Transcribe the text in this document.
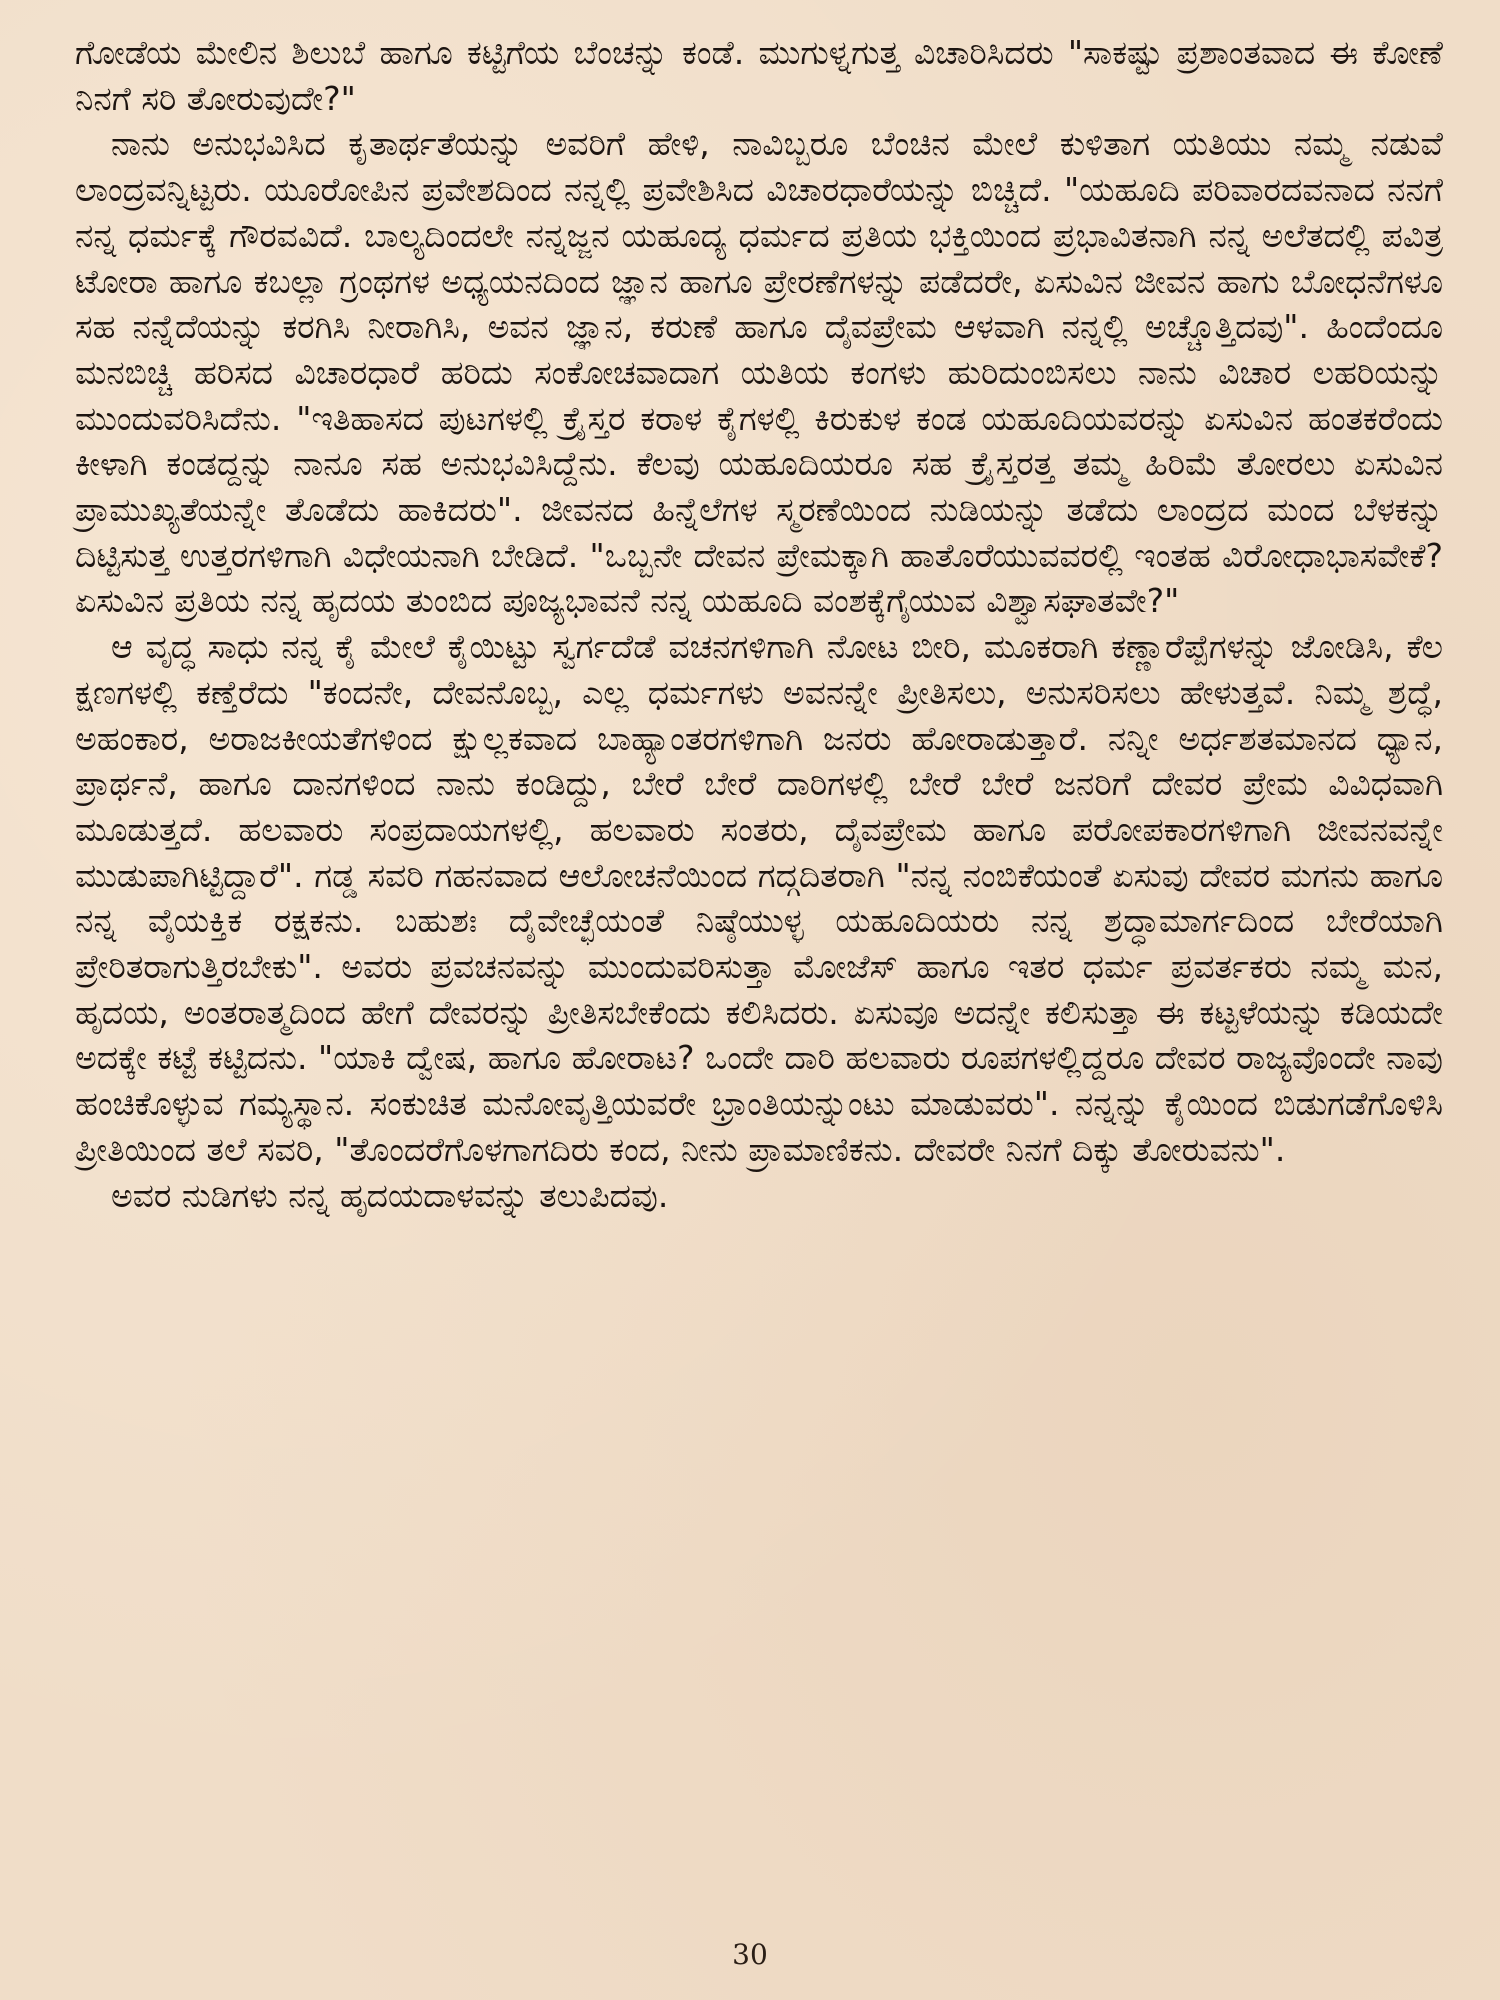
ಗೋಡೆಯ ಮೇಲಿನ ಶಿಲುಬೆ ಹಾಗೂ ಕಟ್ಟಿಗೆಯ ಬೆಂಚನ್ನು ಕಂಡೆ. ಮುಗುಳ್ನಗುತ್ತ ವಿಚಾರಿಸಿದರು "ಸಾಕಷ್ಟು ಪ್ರಶಾಂತವಾದ ಈ ಕೋಣೆ ನಿನಗೆ ಸರಿ ತೋರುವುದೇ?"

ನಾನು ಅನುಭವಿಸಿದ ಕೃತಾರ್ಥತೆಯನ್ನು ಅವರಿಗೆ ಹೇಳಿ, ನಾವಿಬ್ಬರೂ ಬೆಂಚಿನ ಮೇಲೆ ಕುಳಿತಾಗ ಯತಿಯು ನಮ್ಮ ನಡುವೆ ಲಾಂದ್ರವನ್ನಿಟ್ಟರು. ಯೂರೋಪಿನ ಪ್ರವೇಶದಿಂದ ನನ್ನಲ್ಲಿ ಪ್ರವೇಶಿಸಿದ ವಿಚಾರಧಾರೆಯನ್ನು ಬಿಚ್ಚಿದೆ. "ಯಹೂದಿ ಪರಿವಾರದವನಾದ ನನಗೆ ನನ್ನ ಧರ್ಮಕ್ಕೆ ಗೌರವವಿದೆ. ಬಾಲ್ಯದಿಂದಲೇ ನನ್ನಜ್ಜನ ಯಹೂದ್ಯ ಧರ್ಮದ ಪ್ರತಿಯ ಭಕ್ತಿಯಿಂದ ಪ್ರಭಾವಿತನಾಗಿ ನನ್ನ ಅಲೆತದಲ್ಲಿ ಪವಿತ್ರ ಟೋರಾ ಹಾಗೂ ಕಬಲ್ಲಾ ಗ್ರಂಥಗಳ ಅಧ್ಯಯನದಿಂದ ಜ್ಞಾನ ಹಾಗೂ ಪ್ರೇರಣೆಗಳನ್ನು ಪಡೆದರೇ, ಏಸುವಿನ ಜೀವನ ಹಾಗು ಬೋಧನೆಗಳೂ ಸಹ ನನ್ನೆದೆಯನ್ನು ಕರಗಿಸಿ ನೀರಾಗಿಸಿ, ಅವನ ಜ್ಞಾನ, ಕರುಣೆ ಹಾಗೂ ದೈವಪ್ರೇಮ ಆಳವಾಗಿ ನನ್ನಲ್ಲಿ ಅಚ್ಚೊತ್ತಿದವು". ಹಿಂದೆಂದೂ ಮನಬಿಚ್ಚಿ ಹರಿಸದ ವಿಚಾರಧಾರೆ ಹರಿದು ಸಂಕೋಚವಾದಾಗ ಯತಿಯ ಕಂಗಳು ಹುರಿದುಂಬಿಸಲು ನಾನು ವಿಚಾರ ಲಹರಿಯನ್ನು ಮುಂದುವರಿಸಿದೆನು. "ಇತಿಹಾಸದ ಪುಟಗಳಲ್ಲಿ ಕ್ರೈಸ್ತರ ಕರಾಳ ಕೈಗಳಲ್ಲಿ ಕಿರುಕುಳ ಕಂಡ ಯಹೂದಿಯವರನ್ನು ಏಸುವಿನ ಹಂತಕರೆಂದು ಕೀಳಾಗಿ ಕಂಡದ್ದನ್ನು ನಾನೂ ಸಹ ಅನುಭವಿಸಿದ್ದೆನು. ಕೆಲವು ಯಹೂದಿಯರೂ ಸಹ ಕ್ರೈಸ್ತರತ್ತ ತಮ್ಮ ಹಿರಿಮೆ ತೋರಲು ಏಸುವಿನ ಪ್ರಾಮುಖ್ಯತೆಯನ್ನೇ ತೊಡೆದು ಹಾಕಿದರು". ಜೀವನದ ಹಿನ್ನೆಲೆಗಳ ಸ್ಮರಣೆಯಿಂದ ನುಡಿಯನ್ನು ತಡೆದು ಲಾಂದ್ರದ ಮಂದ ಬೆಳಕನ್ನು ದಿಟ್ಟಿಸುತ್ತ ಉತ್ತರಗಳಿಗಾಗಿ ವಿಧೇಯನಾಗಿ ಬೇಡಿದೆ. "ಒಬ್ಬನೇ ದೇವನ ಪ್ರೇಮಕ್ಕಾಗಿ ಹಾತೊರೆಯುವವರಲ್ಲಿ ಇಂತಹ ವಿರೋಧಾಭಾಸವೇಕೆ? ಏಸುವಿನ ಪ್ರತಿಯ ನನ್ನ ಹೃದಯ ತುಂಬಿದ ಪೂಜ್ಯಭಾವನೆ ನನ್ನ ಯಹೂದಿ ವಂಶಕ್ಕೆಗೈಯುವ ವಿಶ್ವಾಸಘಾತವೇ?"

ಆ ವೃದ್ಧ ಸಾಧು ನನ್ನ ಕೈ ಮೇಲೆ ಕೈಯಿಟ್ಟು ಸ್ವರ್ಗದೆಡೆ ವಚನಗಳಿಗಾಗಿ ನೋಟ ಬೀರಿ, ಮೂಕರಾಗಿ ಕಣ್ಣಾರೆಪ್ಪೆಗಳನ್ನು ಜೋಡಿಸಿ, ಕೆಲ ಕ್ಷಣಗಳಲ್ಲಿ ಕಣ್ತೆರೆದು "ಕಂದನೇ, ದೇವನೊಬ್ಬ, ಎಲ್ಲ ಧರ್ಮಗಳು ಅವನನ್ನೇ ಪ್ರೀತಿಸಲು, ಅನುಸರಿಸಲು ಹೇಳುತ್ತವೆ. ನಿಮ್ಮ ಶ್ರದ್ಧೆ, ಅಹಂಕಾರ, ಅರಾಜಕೀಯತೆಗಳಿಂದ ಕ್ಷುಲ್ಲಕವಾದ ಬಾಹ್ಯಾಂತರಗಳಿಗಾಗಿ ಜನರು ಹೋರಾಡುತ್ತಾರೆ. ನನ್ನೀ ಅರ್ಧಶತಮಾನದ ಧ್ಯಾನ, ಪ್ರಾರ್ಥನೆ, ಹಾಗೂ ದಾನಗಳಿಂದ ನಾನು ಕಂಡಿದ್ದು, ಬೇರೆ ಬೇರೆ ದಾರಿಗಳಲ್ಲಿ ಬೇರೆ ಬೇರೆ ಜನರಿಗೆ ದೇವರ ಪ್ರೇಮ ವಿವಿಧವಾಗಿ ಮೂಡುತ್ತದೆ. ಹಲವಾರು ಸಂಪ್ರದಾಯಗಳಲ್ಲಿ, ಹಲವಾರು ಸಂತರು, ದೈವಪ್ರೇಮ ಹಾಗೂ ಪರೋಪಕಾರಗಳಿಗಾಗಿ ಜೀವನವನ್ನೇ ಮುಡುಪಾಗಿಟ್ಟಿದ್ದಾರೆ". ಗಡ್ಡ ಸವರಿ ಗಹನವಾದ ಆಲೋಚನೆಯಿಂದ ಗದ್ಗದಿತರಾಗಿ "ನನ್ನ ನಂಬಿಕೆಯಂತೆ ಏಸುವು ದೇವರ ಮಗನು ಹಾಗೂ ನನ್ನ ವೈಯಕ್ತಿಕ ರಕ್ಷಕನು. ಬಹುಶಃ ದೈವೇಚ್ಛೆಯಂತೆ ನಿಷ್ಠೆಯುಳ್ಳ ಯಹೂದಿಯರು ನನ್ನ ಶ್ರದ್ಧಾಮಾರ್ಗದಿಂದ ಬೇರೆಯಾಗಿ ಪ್ರೇರಿತರಾಗುತ್ತಿರಬೇಕು". ಅವರು ಪ್ರವಚನವನ್ನು ಮುಂದುವರಿಸುತ್ತಾ ಮೋಜೆಸ್ ಹಾಗೂ ಇತರ ಧರ್ಮ ಪ್ರವರ್ತಕರು ನಮ್ಮ ಮನ, ಹೃದಯ, ಅಂತರಾತ್ಮದಿಂದ ಹೇಗೆ ದೇವರನ್ನು ಪ್ರೀತಿಸಬೇಕೆಂದು ಕಲಿಸಿದರು. ಏಸುವೂ ಅದನ್ನೇ ಕಲಿಸುತ್ತಾ ಈ ಕಟ್ಟಳೆಯನ್ನು ಕಡಿಯದೇ ಅದಕ್ಕೇ ಕಟ್ಟೆ ಕಟ್ಟಿದನು. "ಯಾಕಿ ದ್ವೇಷ, ಹಾಗೂ ಹೋರಾಟ? ಒಂದೇ ದಾರಿ ಹಲವಾರು ರೂಪಗಳಲ್ಲಿದ್ದರೂ ದೇವರ ರಾಜ್ಯವೊಂದೇ ನಾವು ಹಂಚಿಕೊಳ್ಳುವ ಗಮ್ಯಸ್ಥಾನ. ಸಂಕುಚಿತ ಮನೋವೃತ್ತಿಯವರೇ ಭ್ರಾಂತಿಯನ್ನುಂಟು ಮಾಡುವರು". ನನ್ನನ್ನು ಕೈಯಿಂದ ಬಿಡುಗಡೆಗೊಳಿಸಿ ಪ್ರೀತಿಯಿಂದ ತಲೆ ಸವರಿ, "ತೊಂದರೆಗೊಳಗಾಗದಿರು ಕಂದ, ನೀನು ಪ್ರಾಮಾಣಿಕನು. ದೇವರೇ ನಿನಗೆ ದಿಕ್ಕು ತೋರುವನು".

ಅವರ ನುಡಿಗಳು ನನ್ನ ಹೃದಯದಾಳವನ್ನು ತಲುಪಿದವು.

30
